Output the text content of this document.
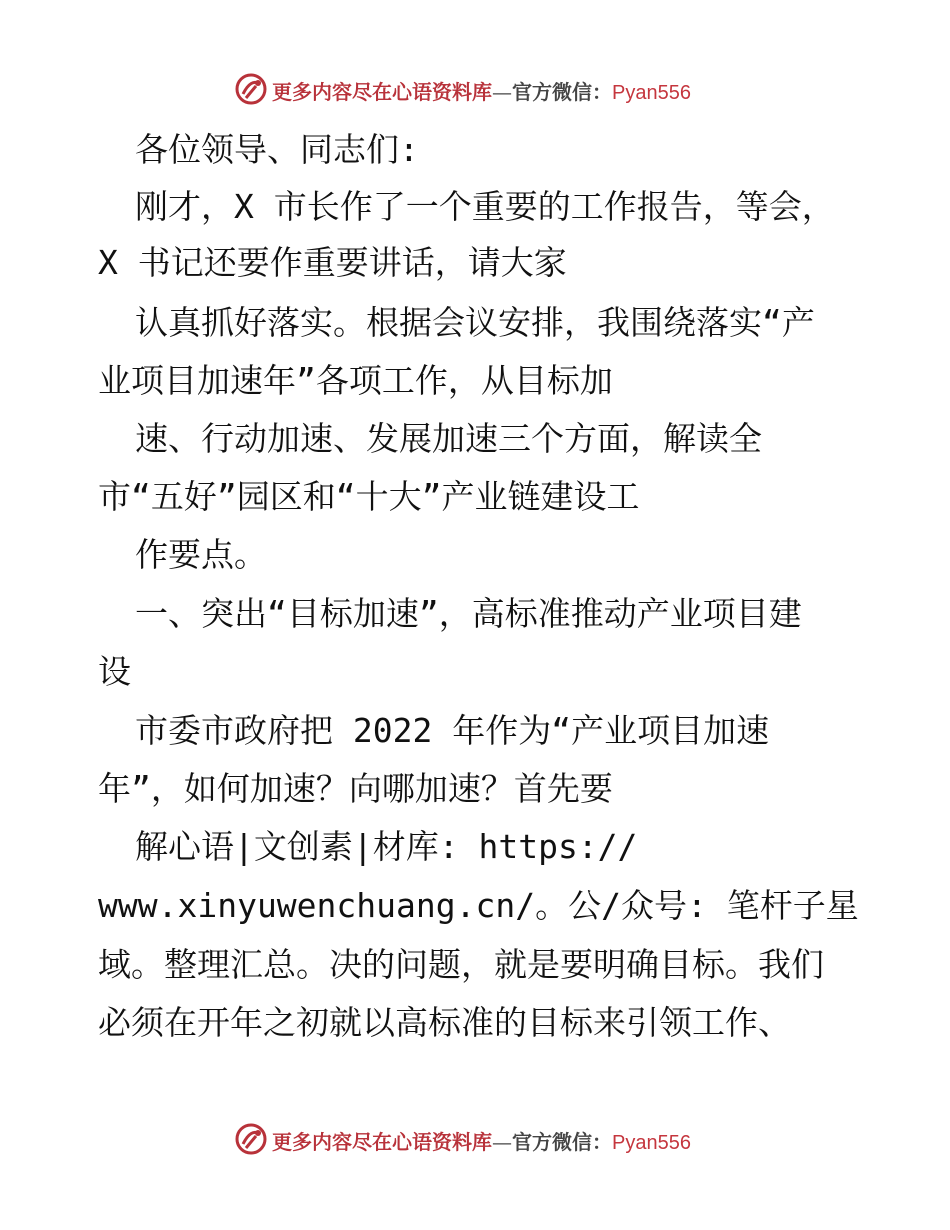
更多内容尽在心语资料库—官方微信：Pyan556
各位领导、同志们:
刚才，X 市长作了一个重要的工作报告，等会，
X 书记还要作重要讲话，请大家
认真抓好落实。根据会议安排，我围绕落实“产
业项目加速年”各项工作，从目标加
速、行动加速、发展加速三个方面，解读全
市“五好”园区和“十大”产业链建设工
作要点。
一、突出“目标加速”，高标准推动产业项目建
设
市委市政府把 2022 年作为“产业项目加速
年”，如何加速？向哪加速？首先要
解心语|文创素|材库: https://
www.xinyuwenchuang.cn/。公/众号: 笔杆子星
域。整理汇总。决的问题，就是要明确目标。我们
必须在开年之初就以高标准的目标来引领工作、
更多内容尽在心语资料库—官方微信：Pyan556
